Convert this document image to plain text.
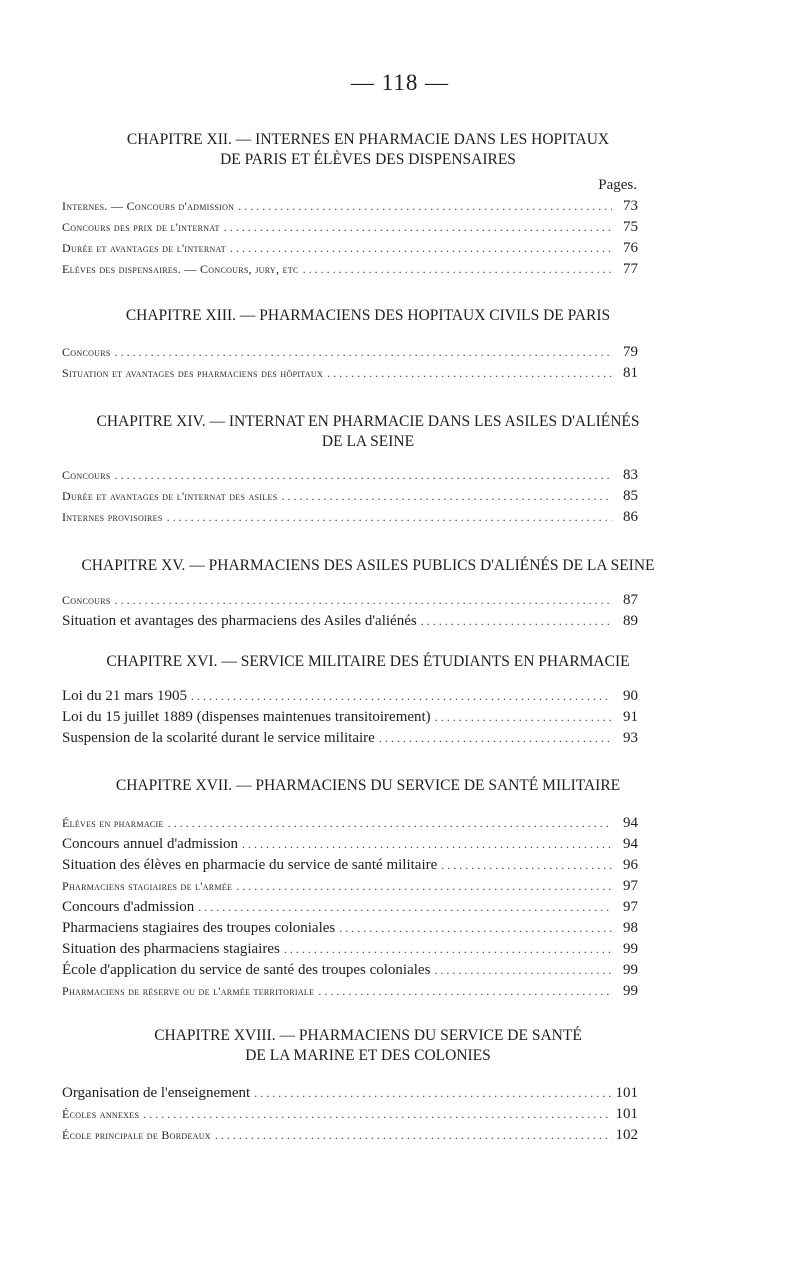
— 118 —
CHAPITRE XII. — INTERNES EN PHARMACIE DANS LES HOPITAUX
DE PARIS ET ÉLÈVES DES DISPENSAIRES
Pages.
Internes. — Concours d'admission . . .	73
Concours des prix de l'internat . . .	75
Durée et avantages de l'internat . . .	76
Elèves des dispensaires. — Concours, jury, etc . . .	77
CHAPITRE XIII. — PHARMACIENS DES HOPITAUX CIVILS DE PARIS
Concours . . .	79
Situation et avantages des pharmaciens des hôpitaux . . .	81
CHAPITRE XIV. — INTERNAT EN PHARMACIE DANS LES ASILES D'ALIÉNÉS
DE LA SEINE
Concours . . .	83
Durée et avantages de l'internat des asiles . . .	85
Internes provisoires . . .	86
CHAPITRE XV. — PHARMACIENS DES ASILES PUBLICS D'ALIÉNÉS DE LA SEINE
Concours . . .	87
Situation et avantages des pharmaciens des Asiles d'aliénés . . .	89
CHAPITRE XVI. — SERVICE MILITAIRE DES ÉTUDIANTS EN PHARMACIE
Loi du 21 mars 1905 . . .	90
Loi du 15 juillet 1889 (dispenses maintenues transitoirement) . . .	91
Suspension de la scolarité durant le service militaire . . .	93
CHAPITRE XVII. — PHARMACIENS DU SERVICE DE SANTÉ MILITAIRE
Élèves en pharmacie . . .	94
Concours annuel d'admission . . .	94
Situation des élèves en pharmacie du service de santé militaire . . .	96
Pharmaciens stagiaires de l'armée . . .	97
Concours d'admission . . .	97
Pharmaciens stagiaires des troupes coloniales . . .	98
Situation des pharmaciens stagiaires . . .	99
École d'application du service de santé des troupes coloniales . . .	99
Pharmaciens de réserve ou de l'armée territoriale . . .	99
CHAPITRE XVIII. — PHARMACIENS DU SERVICE DE SANTÉ
DE LA MARINE ET DES COLONIES
Organisation de l'enseignement . . .	101
Écoles annexes . . .	101
École principale de Bordeaux . . .	102
